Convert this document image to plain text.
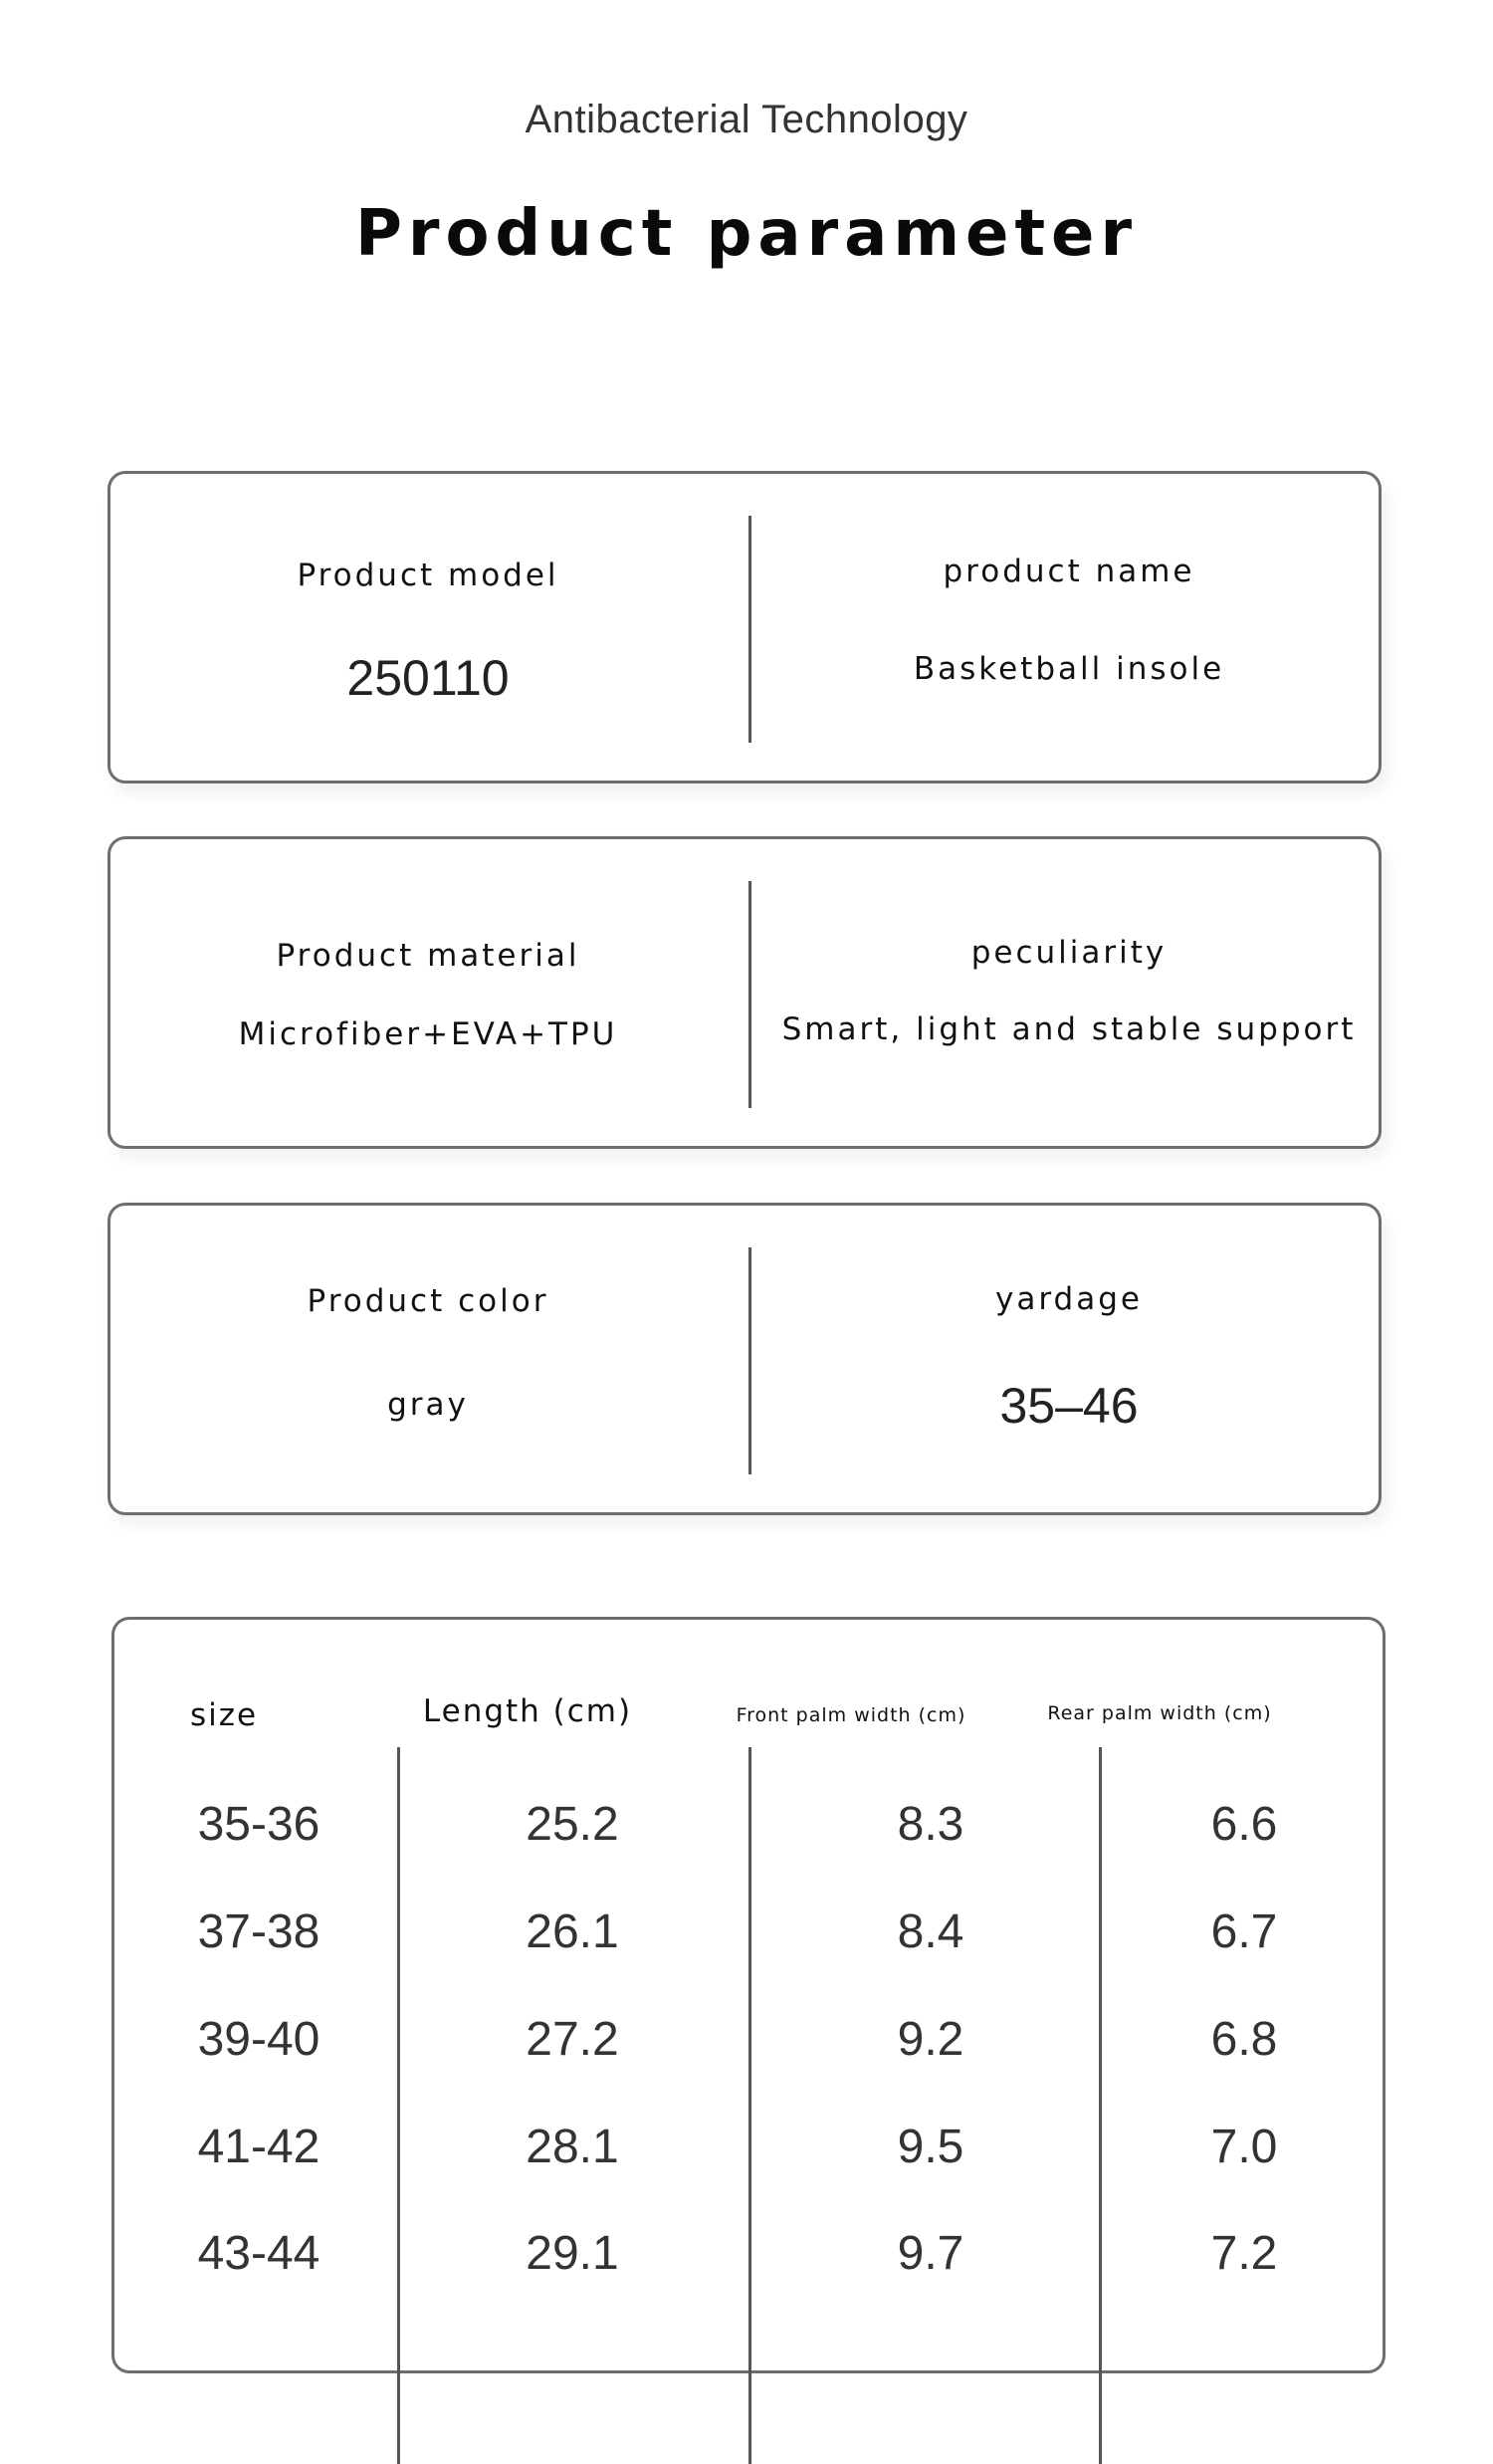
Antibacterial Technology
Product parameter
Product model
250110
product name
Basketball insole
Product material
Microfiber+EVA+TPU
peculiarity
Smart, light and stable support
Product color
gray
yardage
35–46
size	Length (cm)	Front palm width (cm)	Rear palm width (cm)
35-36	25.2	8.3	6.6
37-38	26.1	8.4	6.7
39-40	27.2	9.2	6.8
41-42	28.1	9.5	7.0
43-44	29.1	9.7	7.2
